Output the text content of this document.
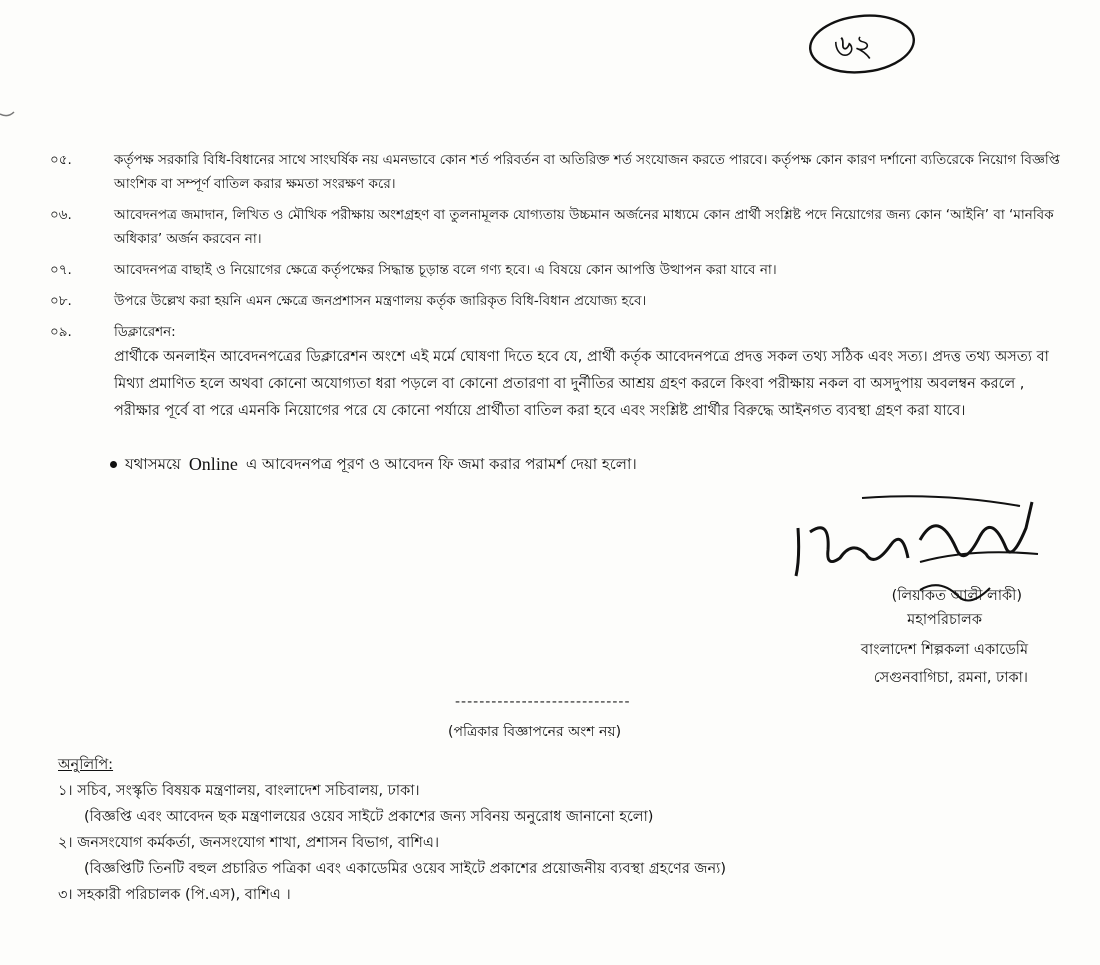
৬২
০৫.	কর্তৃপক্ষ সরকারি বিধি-বিধানের সাথে সাংঘর্ষিক নয় এমনভাবে কোন শর্ত পরিবর্তন বা অতিরিক্ত শর্ত সংযোজন করতে পারবে। কর্তৃপক্ষ কোন কারণ দর্শানো ব্যতিরেকে নিয়োগ বিজ্ঞপ্তি আংশিক বা সম্পূর্ণ বাতিল করার ক্ষমতা সংরক্ষণ করে।

০৬.	আবেদনপত্র জমাদান, লিখিত ও মৌখিক পরীক্ষায় অংশগ্রহণ বা তুলনামূলক যোগ্যতায় উচ্চমান অর্জনের মাধ্যমে কোন প্রার্থী সংশ্লিষ্ট পদে নিয়োগের জন্য কোন ‘আইনি’ বা ‘মানবিক অধিকার’ অর্জন করবেন না।

০৭.	আবেদনপত্র বাছাই ও নিয়োগের ক্ষেত্রে কর্তৃপক্ষের সিদ্ধান্ত চূড়ান্ত বলে গণ্য হবে। এ বিষয়ে কোন আপত্তি উত্থাপন করা যাবে না।

০৮.	উপরে উল্লেখ করা হয়নি এমন ক্ষেত্রে জনপ্রশাসন মন্ত্রণালয় কর্তৃক জারিকৃত বিধি-বিধান প্রযোজ্য হবে।

০৯.	ডিক্লারেশন:

প্রার্থীকে অনলাইন আবেদনপত্রের ডিক্লারেশন অংশে এই মর্মে ঘোষণা দিতে হবে যে, প্রার্থী কর্তৃক আবেদনপত্রে প্রদত্ত সকল তথ্য সঠিক এবং সত্য। প্রদত্ত তথ্য অসত্য বা মিথ্যা প্রমাণিত হলে অথবা কোনো অযোগ্যতা ধরা পড়লে বা কোনো প্রতারণা বা দুর্নীতির আশ্রয় গ্রহণ করলে কিংবা পরীক্ষায় নকল বা অসদুপায় অবলম্বন করলে , পরীক্ষার পূর্বে বা পরে এমনকি নিয়োগের পরে যে কোনো পর্যায়ে প্রার্থীতা বাতিল করা হবে এবং সংশ্লিষ্ট প্রার্থীর বিরুদ্ধে আইনগত ব্যবস্থা গ্রহণ করা যাবে।

যথাসময়ে Online এ আবেদনপত্র পূরণ ও আবেদন ফি জমা করার পরামর্শ দেয়া হলো।
(লিয়াকত আলী লাকী)
মহাপরিচালক
বাংলাদেশ শিল্পকলা একাডেমি
সেগুনবাগিচা, রমনা, ঢাকা।
-----------------------------
(পত্রিকার বিজ্ঞাপনের অংশ নয়)

অনুলিপি:

১। সচিব, সংস্কৃতি বিষয়ক মন্ত্রণালয়, বাংলাদেশ সচিবালয়, ঢাকা।

(বিজ্ঞপ্তি এবং আবেদন ছক মন্ত্রণালয়ের ওয়েব সাইটে প্রকাশের জন্য সবিনয় অনুরোধ জানানো হলো)

২। জনসংযোগ কর্মকর্তা, জনসংযোগ শাখা, প্রশাসন বিভাগ, বাশিএ।

(বিজ্ঞপ্তিটি তিনটি বহুল প্রচারিত পত্রিকা এবং একাডেমির ওয়েব সাইটে প্রকাশের প্রয়োজনীয় ব্যবস্থা গ্রহণের জন্য)

৩। সহকারী পরিচালক (পি.এস), বাশিএ ।
